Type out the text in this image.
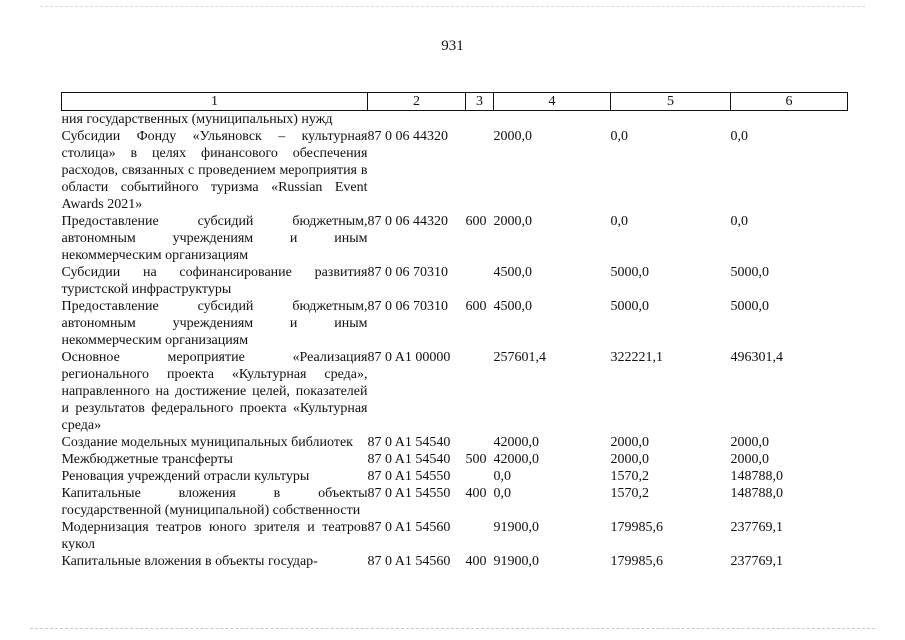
931
1	2	3	4	5	6
ния государственных (муниципальных) нужд					
Субсидии Фонду «Ульяновск – культурная столица» в целях финансового обеспечения расходов, связанных с проведением мероприятия в области событийного туризма «Russian Event Awards 2021»	87 0 06 44320		2000,0	0,0	0,0
Предоставление субсидий бюджетным, автономным учреждениям и иным некоммерческим организациям	87 0 06 44320	600	2000,0	0,0	0,0
Субсидии на софинансирование развития туристской инфраструктуры	87 0 06 70310		4500,0	5000,0	5000,0
Предоставление субсидий бюджетным, автономным учреждениям и иным некоммерческим организациям	87 0 06 70310	600	4500,0	5000,0	5000,0
Основное мероприятие «Реализация регионального проекта «Культурная среда», направленного на достижение целей, показателей и результатов федерального проекта «Культурная среда»	87 0 A1 00000		257601,4	322221,1	496301,4
Создание модельных муниципальных библиотек	87 0 A1 54540		42000,0	2000,0	2000,0
Межбюджетные трансферты	87 0 A1 54540	500	42000,0	2000,0	2000,0
Реновация учреждений отрасли культуры	87 0 A1 54550		0,0	1570,2	148788,0
Капитальные вложения в объекты государственной (муниципальной) собственности	87 0 A1 54550	400	0,0	1570,2	148788,0
Модернизация театров юного зрителя и театров кукол	87 0 A1 54560		91900,0	179985,6	237769,1
Капитальные вложения в объекты государ-	87 0 A1 54560	400	91900,0	179985,6	237769,1
